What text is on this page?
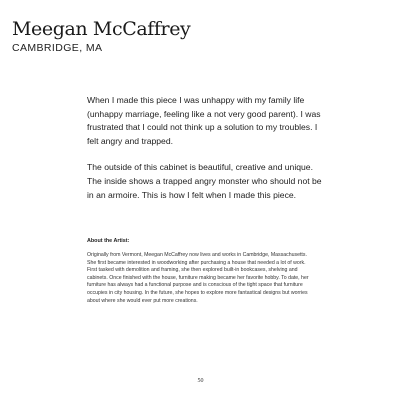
Meegan McCaffrey
CAMBRIDGE, MA

When I made this piece I was unhappy with my family life (unhappy marriage, feeling like a not very good parent). I was frustrated that I could not think up a solution to my troubles. I felt angry and trapped.

The outside of this cabinet is beautiful, creative and unique. The inside shows a trapped angry monster who should not be in an armoire. This is how I felt when I made this piece.

About the Artist:

Originally from Vermont, Meegan McCaffrey now lives and works in Cambridge, Massachusetts. She first became interested in woodworking after purchasing a house that needed a lot of work. First tasked with demolition and framing, she then explored built-in bookcases, shelving and cabinets. Once finished with the house, furniture making became her favorite hobby. To date, her furniture has always had a functional purpose and is conscious of the tight space that furniture occupies in city housing. In the future, she hopes to explore more fantastical designs but worries about where she would ever put more creations.

50
